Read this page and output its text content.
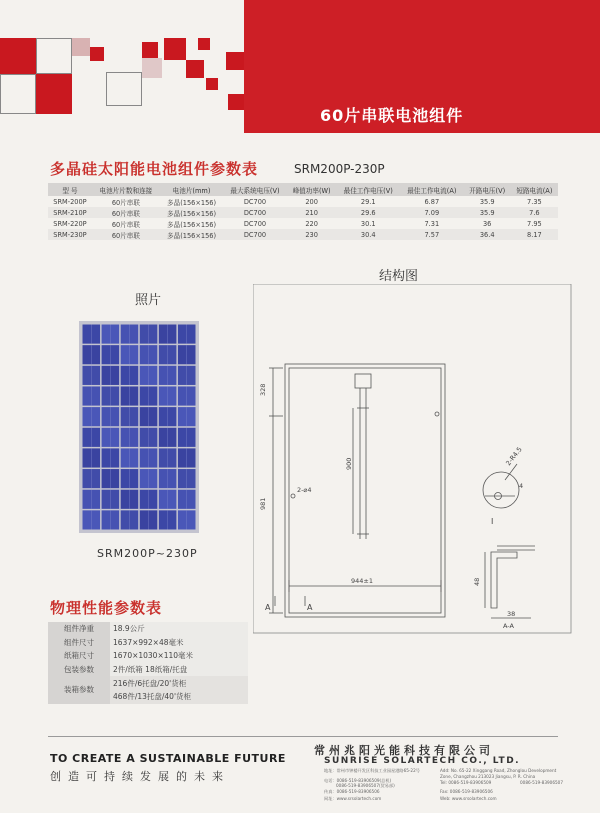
60片串联电池组件
多晶硅太阳能电池组件参数表	SRM200P-230P
型 号	电池片片数和连接	电池片(mm)	最大系统电压(V)	峰值功率(W)	最佳工作电压(V)	最佳工作电流(A)	开路电压(V)	短路电流(A)
SRM-200P	60片串联	多晶(156×156)	DC700	200	29.1	6.87	35.9	7.35
SRM-210P	60片串联	多晶(156×156)	DC700	210	29.6	7.09	35.9	7.6
SRM-220P	60片串联	多晶(156×156)	DC700	220	30.1	7.31	36	7.95
SRM-230P	60片串联	多晶(156×156)	DC700	230	30.4	7.57	36.4	8.17
照片
SRM200P~230P
结构图
328
981
900
2-⌀4
944±1
2-R4.5
4
I
A	A
48
38
A-A
物理性能参数表
组件净重	18.9公斤
组件尺寸	1637×992×48毫米
纸箱尺寸	1670×1030×110毫米
包装参数	2件/纸箱 18纸箱/托盘
装箱参数	216件/6托盘/20'货柜
	468件/13托盘/40'货柜
TO CREATE A SUSTAINABLE FUTURE
创造可持续发展的未来
常州兆阳光能科技有限公司
SUNRISE SOLARTECH CO., LTD.
地址：常州市钟楼开发区科技工业园星港路65-22号	Add: No. 65-22 Xinggang Road, Zhonglou Development
Zone, Changzhou 213023 Jiangsu, P. R. China
电话：0086-519-83906509(总机)
0086-519-83906507(贸易部)
Tel: 0086-519-83906509	0086-519-83906507
传真：0086-519-83906506	Fax: 0086-519-83906506
网址：www.srsolartech.com	Web: www.srsolartech.com
